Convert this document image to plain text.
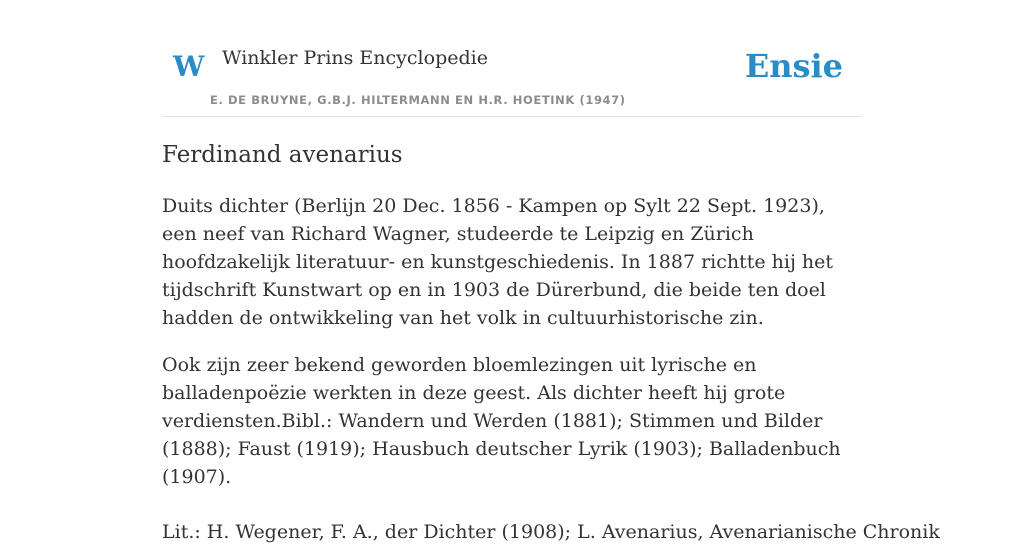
W Winkler Prins Encyclopedie
E. DE BRUYNE, G.B.J. HILTERMANN EN H.R. HOETINK (1947)
Ensie
Ferdinand avenarius

Duits dichter (Berlijn 20 Dec. 1856 - Kampen op Sylt 22 Sept. 1923), een neef van Richard Wagner, studeerde te Leipzig en Zürich hoofdzakelijk literatuur- en kunstgeschiedenis. In 1887 richtte hij het tijdschrift Kunstwart op en in 1903 de Dürerbund, die beide ten doel hadden de ontwikkeling van het volk in cultuurhistorische zin.

Ook zijn zeer bekend geworden bloemlezingen uit lyrische en balladenpoëzie werkten in deze geest. Als dichter heeft hij grote verdiensten.Bibl.: Wandern und Werden (1881); Stimmen und Bilder (1888); Faust (1919); Hausbuch deutscher Lyrik (1903); Balladenbuch (1907).

Lit.: H. Wegener, F. A., der Dichter (1908); L. Avenarius, Avenarianische Chronik
